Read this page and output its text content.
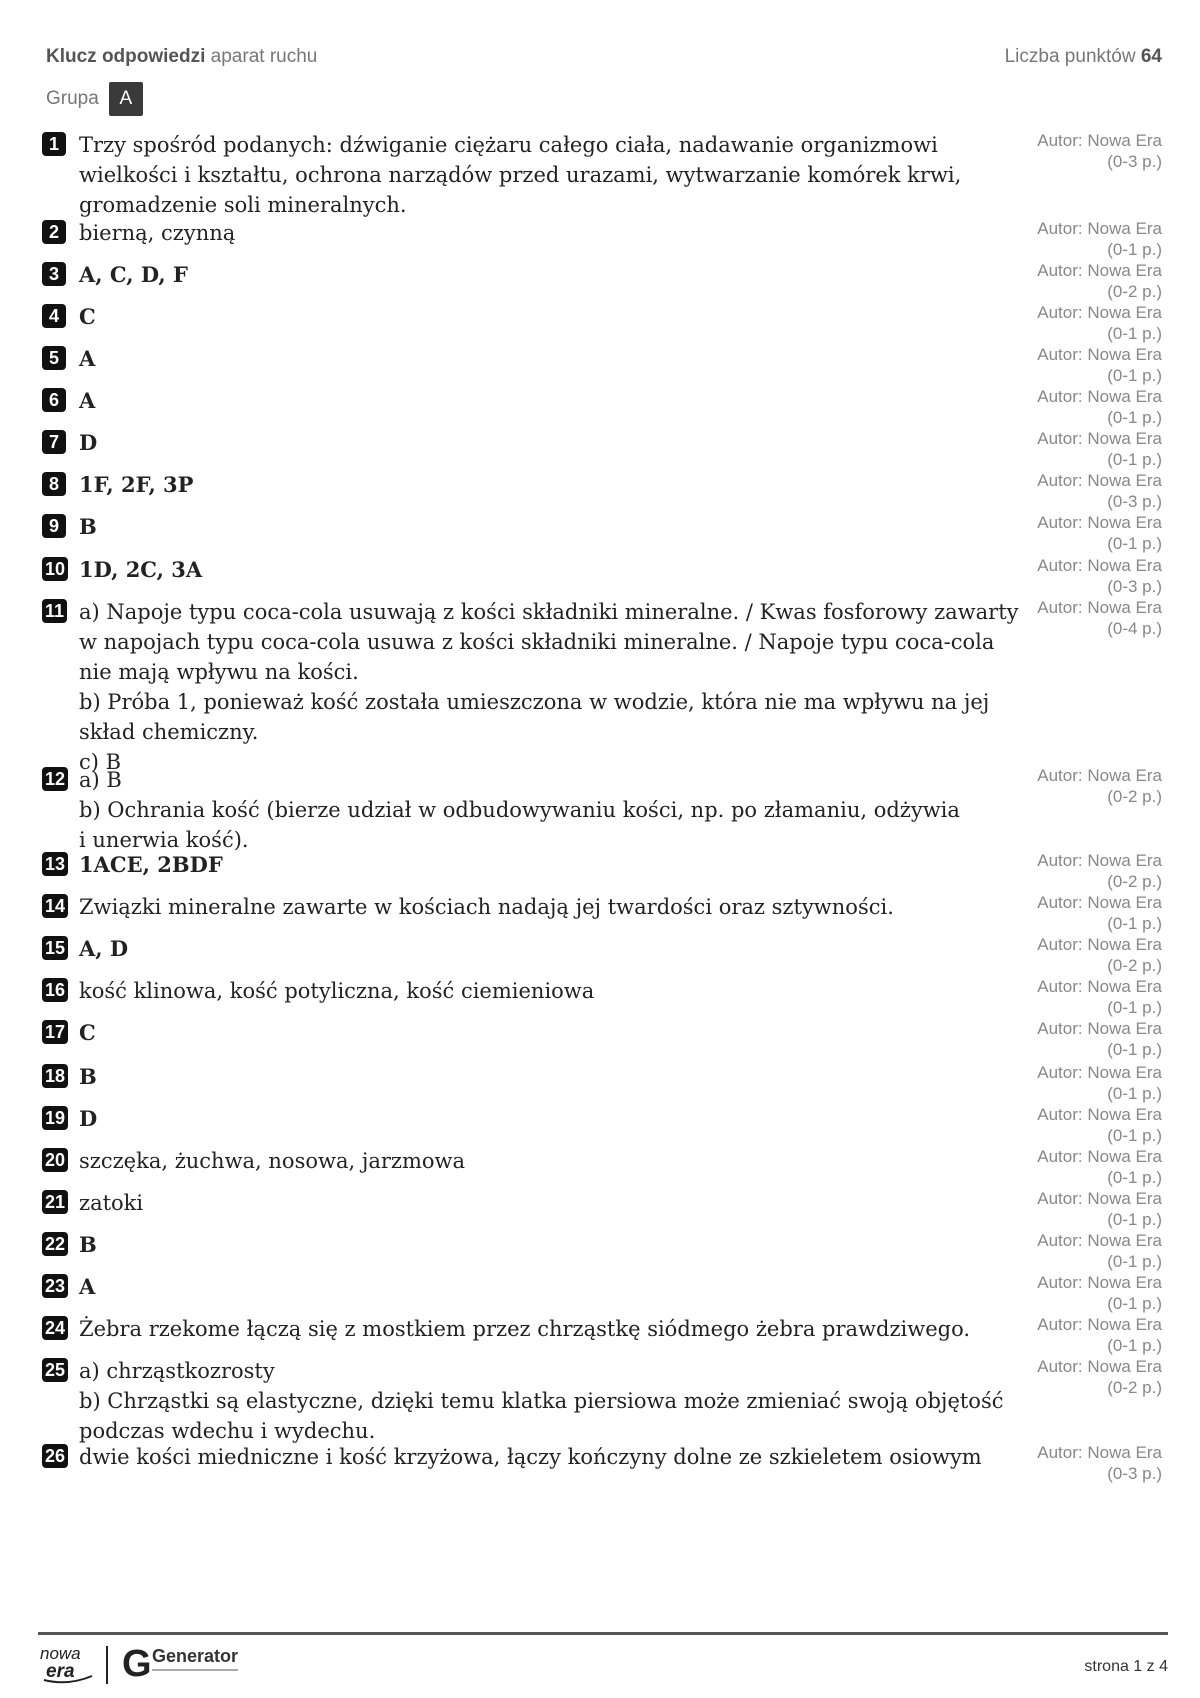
Klucz odpowiedzi aparat ruchu	Liczba punktów 64
Grupa	A
1 Trzy spośród podanych: dźwiganie ciężaru całego ciała, nadawanie organizmowi
wielkości i kształtu, ochrona narządów przed urazami, wytwarzanie komórek krwi,
gromadzenie soli mineralnych.
Autor: Nowa Era
(0-3 p.)
2 bierną, czynną	Autor: Nowa Era
(0-1 p.)
3 A, C, D, F	Autor: Nowa Era
(0-2 p.)
4 C	Autor: Nowa Era
(0-1 p.)
5 A	Autor: Nowa Era
(0-1 p.)
6 A	Autor: Nowa Era
(0-1 p.)
7 D	Autor: Nowa Era
(0-1 p.)
8 1F, 2F, 3P	Autor: Nowa Era
(0-3 p.)
9 B	Autor: Nowa Era
(0-1 p.)
10 1D, 2C, 3A	Autor: Nowa Era
(0-3 p.)
11 a) Napoje typu coca-cola usuwają z kości składniki mineralne. / Kwas fosforowy zawarty
w napojach typu coca-cola usuwa z kości składniki mineralne. / Napoje typu coca-cola
nie mają wpływu na kości.
b) Próba 1, ponieważ kość została umieszczona w wodzie, która nie ma wpływu na jej
skład chemiczny.
c) B
Autor: Nowa Era
(0-4 p.)
12 a) B
b) Ochrania kość (bierze udział w odbudowywaniu kości, np. po złamaniu, odżywia
i unerwia kość).
Autor: Nowa Era
(0-2 p.)
13 1ACE, 2BDF	Autor: Nowa Era
(0-2 p.)
14 Związki mineralne zawarte w kościach nadają jej twardości oraz sztywności.	Autor: Nowa Era
(0-1 p.)
15 A, D	Autor: Nowa Era
(0-2 p.)
16 kość klinowa, kość potyliczna, kość ciemieniowa	Autor: Nowa Era
(0-1 p.)
17 C	Autor: Nowa Era
(0-1 p.)
18 B	Autor: Nowa Era
(0-1 p.)
19 D	Autor: Nowa Era
(0-1 p.)
20 szczęka, żuchwa, nosowa, jarzmowa	Autor: Nowa Era
(0-1 p.)
21 zatoki	Autor: Nowa Era
(0-1 p.)
22 B	Autor: Nowa Era
(0-1 p.)
23 A	Autor: Nowa Era
(0-1 p.)
24 Żebra rzekome łączą się z mostkiem przez chrząstkę siódmego żebra prawdziwego.	Autor: Nowa Era
(0-1 p.)
25 a) chrząstkozrosty
b) Chrząstki są elastyczne, dzięki temu klatka piersiowa może zmieniać swoją objętość
podczas wdechu i wydechu.
Autor: Nowa Era
(0-2 p.)
26 dwie kości miedniczne i kość krzyżowa, łączy kończyny dolne ze szkieletem osiowym	Autor: Nowa Era
(0-3 p.)
nowa
era G Generator
strona 1 z 4
